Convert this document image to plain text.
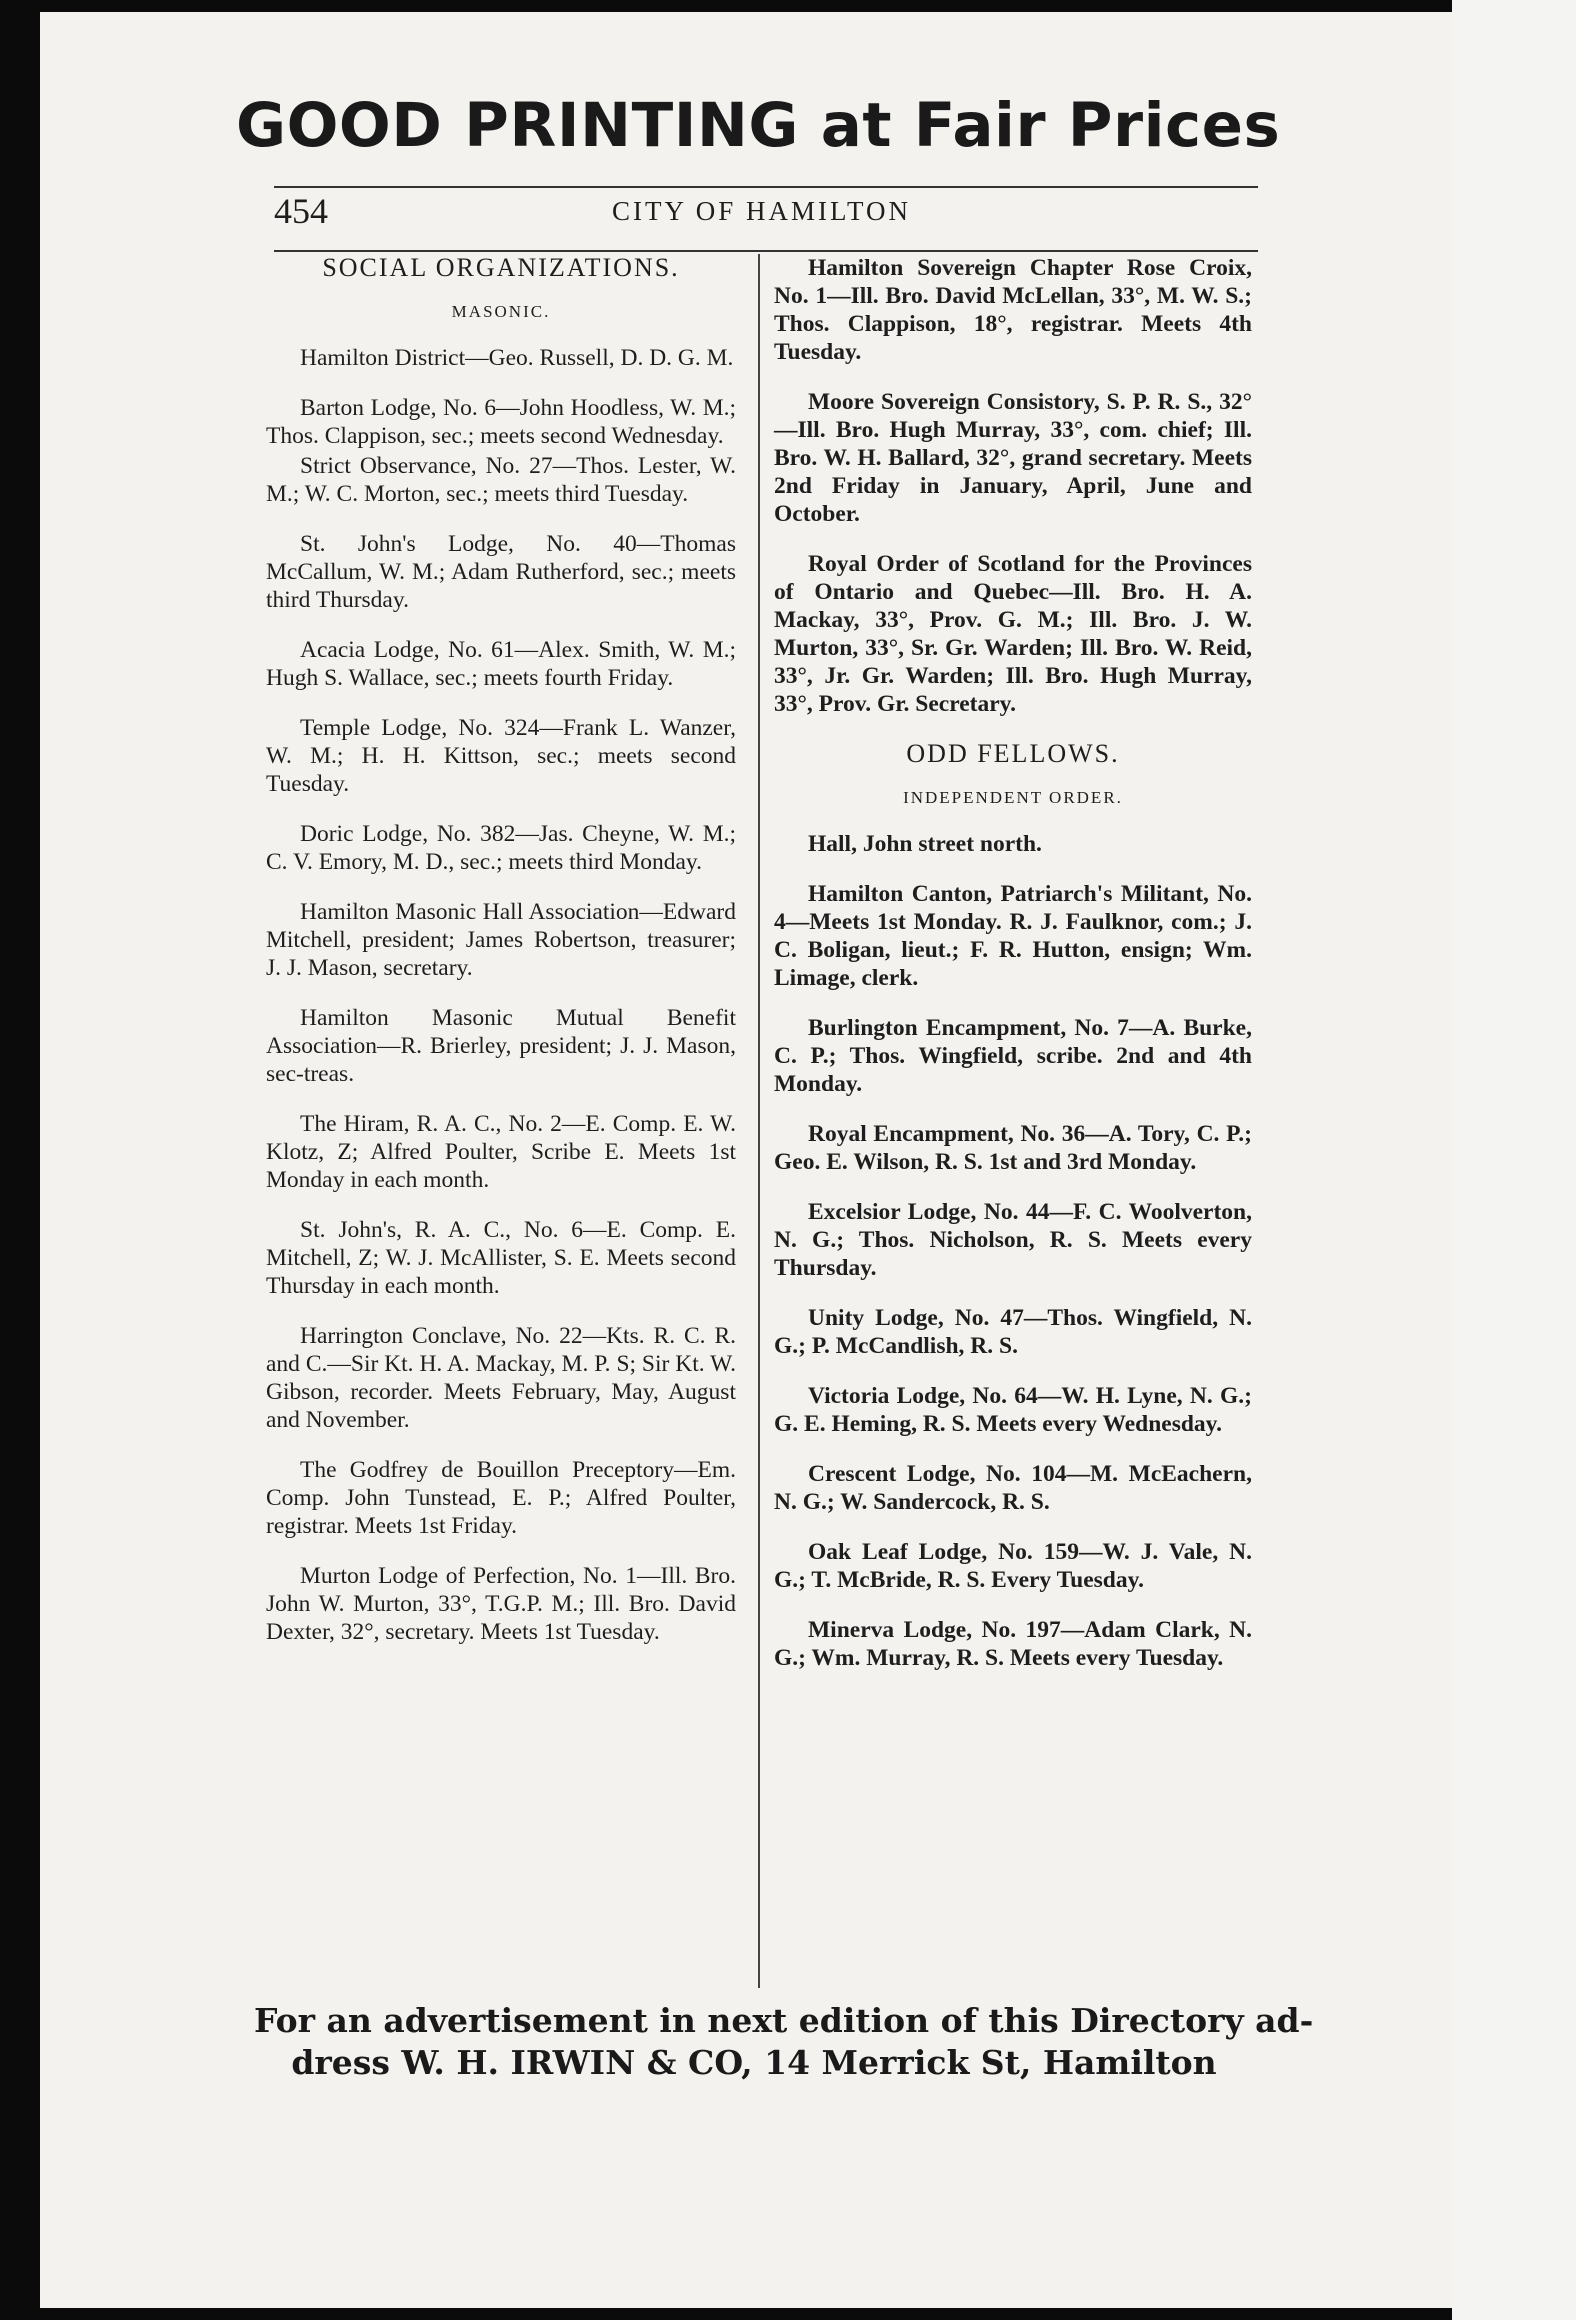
GOOD PRINTING at Fair Prices
454	CITY OF HAMILTON
SOCIAL ORGANIZATIONS.
MASONIC.

Hamilton District—Geo. Russell, D. D. G. M.

Barton Lodge, No. 6—John Hoodless, W. M.; Thos. Clappison, sec.; meets second Wednesday.

Strict Observance, No. 27—Thos. Lester, W. M.; W. C. Morton, sec.; meets third Tuesday.

St. John's Lodge, No. 40—Thomas McCallum, W. M.; Adam Rutherford, sec.; meets third Thursday.

Acacia Lodge, No. 61—Alex. Smith, W. M.; Hugh S. Wallace, sec.; meets fourth Friday.

Temple Lodge, No. 324—Frank L. Wanzer, W. M.; H. H. Kittson, sec.; meets second Tuesday.

Doric Lodge, No. 382—Jas. Cheyne, W. M.; C. V. Emory, M. D., sec.; meets third Monday.

Hamilton Masonic Hall Association—Edward Mitchell, president; James Robertson, treasurer; J. J. Mason, secretary.

Hamilton Masonic Mutual Benefit Association—R. Brierley, president; J. J. Mason, sec-treas.

The Hiram, R. A. C., No. 2—E. Comp. E. W. Klotz, Z; Alfred Poulter, Scribe E. Meets 1st Monday in each month.

St. John's, R. A. C., No. 6—E. Comp. E. Mitchell, Z; W. J. McAllister, S. E. Meets second Thursday in each month.

Harrington Conclave, No. 22—Kts. R. C. R. and C.—Sir Kt. H. A. Mackay, M. P. S; Sir Kt. W. Gibson, recorder. Meets February, May, August and November.

The Godfrey de Bouillon Preceptory—Em. Comp. John Tunstead, E. P.; Alfred Poulter, registrar. Meets 1st Friday.

Murton Lodge of Perfection, No. 1—Ill. Bro. John W. Murton, 33°, T.G.P. M.; Ill. Bro. David Dexter, 32°, secretary. Meets 1st Tuesday.

Hamilton Sovereign Chapter Rose Croix, No. 1—Ill. Bro. David McLellan, 33°, M. W. S.; Thos. Clappison, 18°, registrar. Meets 4th Tuesday.

Moore Sovereign Consistory, S. P. R. S., 32°—Ill. Bro. Hugh Murray, 33°, com. chief; Ill. Bro. W. H. Ballard, 32°, grand secretary. Meets 2nd Friday in January, April, June and October.

Royal Order of Scotland for the Provinces of Ontario and Quebec—Ill. Bro. H. A. Mackay, 33°, Prov. G. M.; Ill. Bro. J. W. Murton, 33°, Sr. Gr. Warden; Ill. Bro. W. Reid, 33°, Jr. Gr. Warden; Ill. Bro. Hugh Murray, 33°, Prov. Gr. Secretary.

ODD FELLOWS.
INDEPENDENT ORDER.

Hall, John street north.

Hamilton Canton, Patriarch's Militant, No. 4—Meets 1st Monday. R. J. Faulknor, com.; J. C. Boligan, lieut.; F. R. Hutton, ensign; Wm. Limage, clerk.

Burlington Encampment, No. 7—A. Burke, C. P.; Thos. Wingfield, scribe. 2nd and 4th Monday.

Royal Encampment, No. 36—A. Tory, C. P.; Geo. E. Wilson, R. S. 1st and 3rd Monday.

Excelsior Lodge, No. 44—F. C. Woolverton, N. G.; Thos. Nicholson, R. S. Meets every Thursday.

Unity Lodge, No. 47—Thos. Wingfield, N. G.; P. McCandlish, R. S.

Victoria Lodge, No. 64—W. H. Lyne, N. G.; G. E. Heming, R. S. Meets every Wednesday.

Crescent Lodge, No. 104—M. McEachern, N. G.; W. Sandercock, R. S.

Oak Leaf Lodge, No. 159—W. J. Vale, N. G.; T. McBride, R. S. Every Tuesday.

Minerva Lodge, No. 197—Adam Clark, N. G.; Wm. Murray, R. S. Meets every Tuesday.

For an advertisement in next edition of this Directory ad-
dress W. H. IRWIN & CO, 14 Merrick St, Hamilton
